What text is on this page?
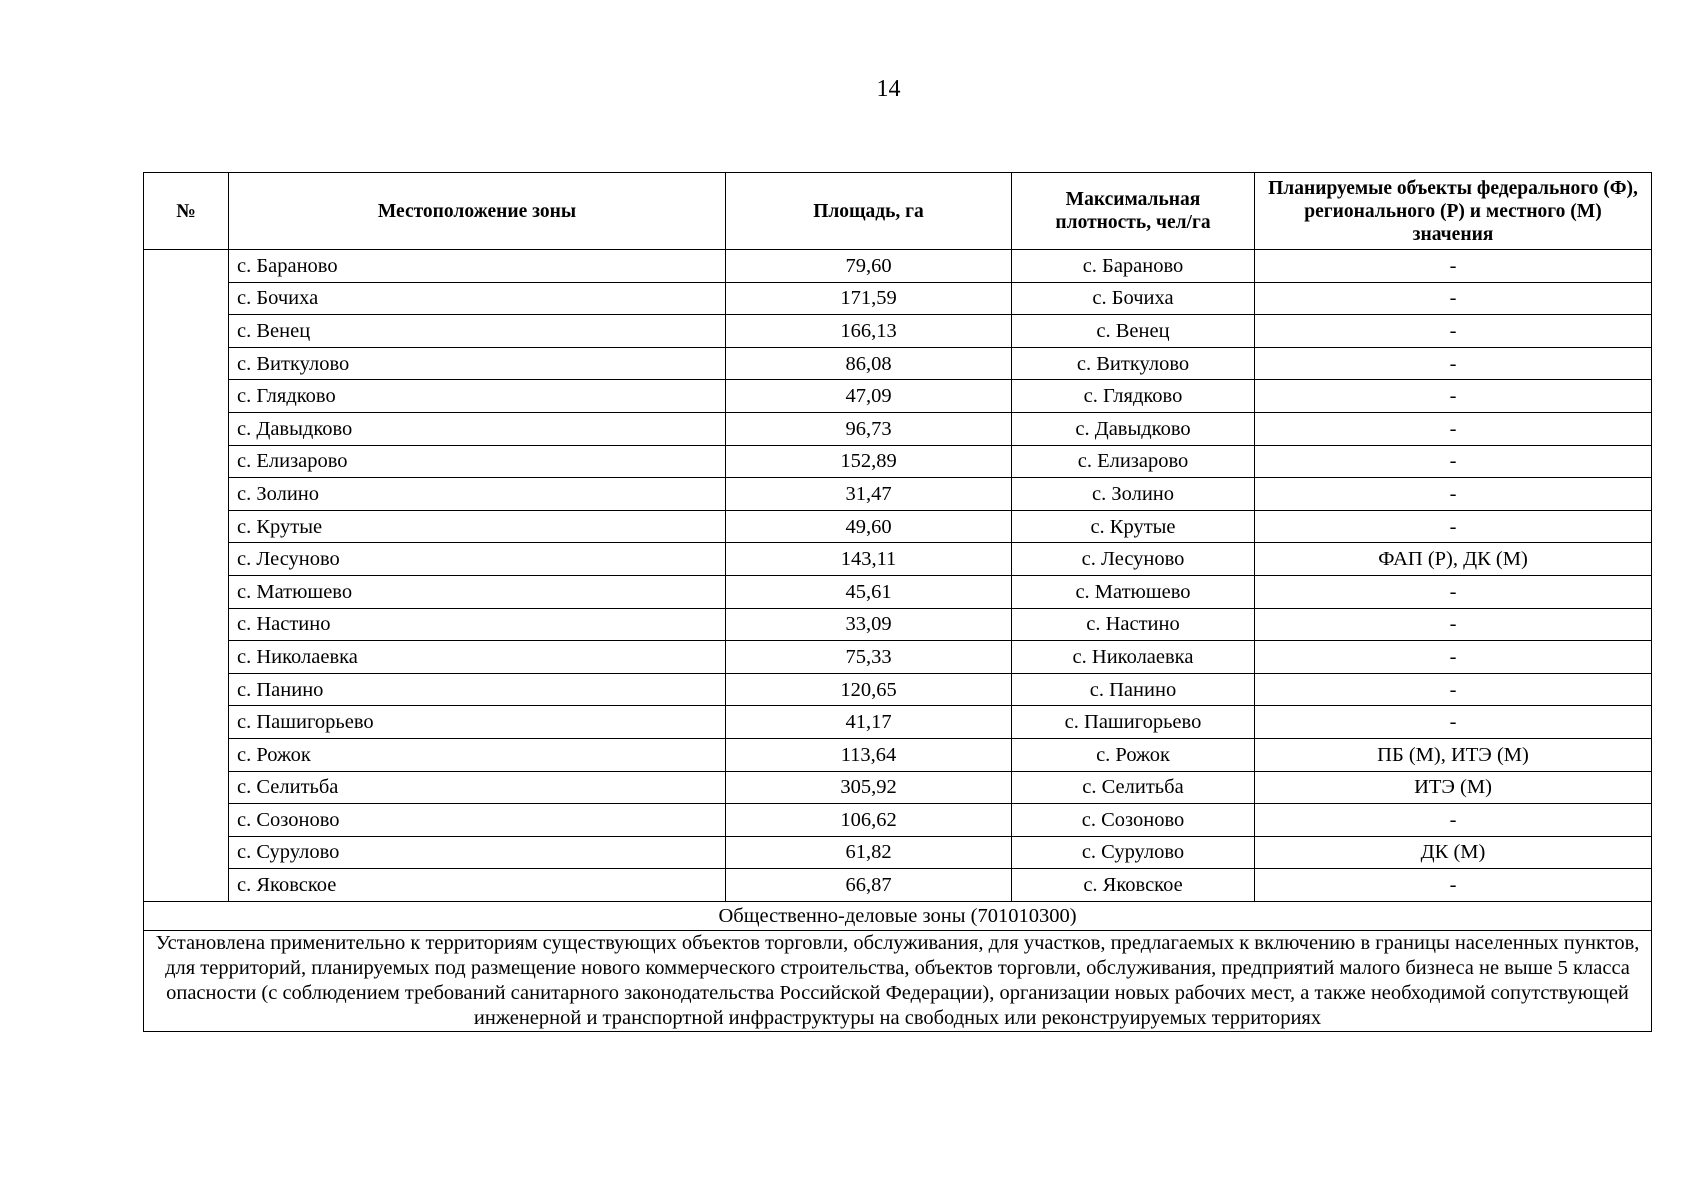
14
№	Местоположение зоны	Площадь, га	Максимальная плотность, чел/га	Планируемые объекты федерального (Ф), регионального (Р) и местного (М) значения
	с. Бараново	79,60	с. Бараново	-
	с. Бочиха	171,59	с. Бочиха	-
	с. Венец	166,13	с. Венец	-
	с. Виткулово	86,08	с. Виткулово	-
	с. Глядково	47,09	с. Глядково	-
	с. Давыдково	96,73	с. Давыдково	-
	с. Елизарово	152,89	с. Елизарово	-
	с. Золино	31,47	с. Золино	-
	с. Крутые	49,60	с. Крутые	-
	с. Лесуново	143,11	с. Лесуново	ФАП (Р), ДК (М)
	с. Матюшево	45,61	с. Матюшево	-
	с. Настино	33,09	с. Настино	-
	с. Николаевка	75,33	с. Николаевка	-
	с. Панино	120,65	с. Панино	-
	с. Пашигорьево	41,17	с. Пашигорьево	-
	с. Рожок	113,64	с. Рожок	ПБ (М), ИТЭ (М)
	с. Селитьба	305,92	с. Селитьба	ИТЭ (М)
	с. Созоново	106,62	с. Созоново	-
	с. Сурулово	61,82	с. Сурулово	ДК (М)
	с. Яковское	66,87	с. Яковское	-
Общественно-деловые зоны (701010300)				
Установлена применительно к территориям существующих объектов торговли, обслуживания, для участков, предлагаемых к включению в границы населенных пунктов, для территорий, планируемых под размещение нового коммерческого строительства, объектов торговли, обслуживания, предприятий малого бизнеса не выше 5 класса опасности (с соблюдением требований санитарного законодательства Российской Федерации), организации новых рабочих мест, а также необходимой сопутствующей инженерной и транспортной инфраструктуры на свободных или реконструируемых территориях				
